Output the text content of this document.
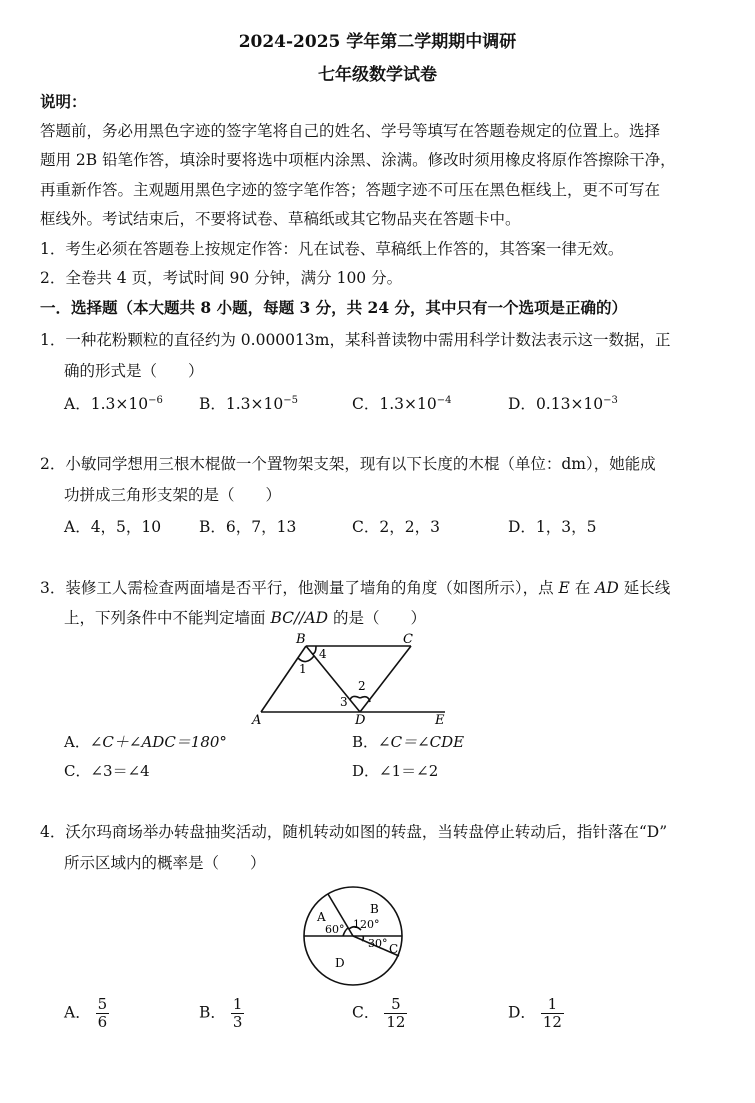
2024-2025 学年第二学期期中调研
七年级数学试卷
说明：
答题前，务必用黑色字迹的签字笔将自己的姓名、学号等填写在答题卷规定的位置上。选择
题用 2B 铅笔作答，填涂时要将选中项框内涂黑、涂满。修改时须用橡皮将原作答擦除干净，
再重新作答。主观题用黑色字迹的签字笔作答；答题字迹不可压在黑色框线上，更不可写在
框线外。考试结束后，不要将试卷、草稿纸或其它物品夹在答题卡中。
1．考生必须在答题卷上按规定作答：凡在试卷、草稿纸上作答的，其答案一律无效。
2．全卷共 4 页，考试时间 90 分钟，满分 100 分。
一．选择题（本大题共 8 小题，每题 3 分，共 24 分，其中只有一个选项是正确的）
1．一种花粉颗粒的直径约为 0.000013m，某科普读物中需用科学计数法表示这一数据，正
确的形式是（　　）
A．$1.3\times 10^{-6}$ B．$1.3\times 10^{-5}$	C．$1.3\times 10^{-4}$	D．$0.13\times 10^{-3}$
2．小敏同学想用三根木棍做一个置物架支架，现有以下长度的木棍（单位：dm），她能成
功拼成三角形支架的是（　　）
A．4，5，10 B．6，7，13	C．2，2，3	D．1，3，5
3．装修工人需检查两面墙是否平行，他测量了墙角的角度（如图所示），点 E 在 AD 延长线
上，下列条件中不能判定墙面 BC//AD 的是（　　）
B	C
A	D	E
1
2
3
4
A．∠C＋∠ADC＝180°	B．∠C＝∠CDE
C．∠3＝∠4	D．∠1＝∠2
4．沃尔玛商场举办转盘抽奖活动，随机转动如图的转盘，当转盘停止转动后，指针落在“D”
所示区域内的概率是（　　）
A
B
C
D
60° 120°
30°
A． $\frac{5}{6}$	B． $\frac{1}{3}$	C． $\frac{5}{12}$	D． $\frac{1}{12}$
